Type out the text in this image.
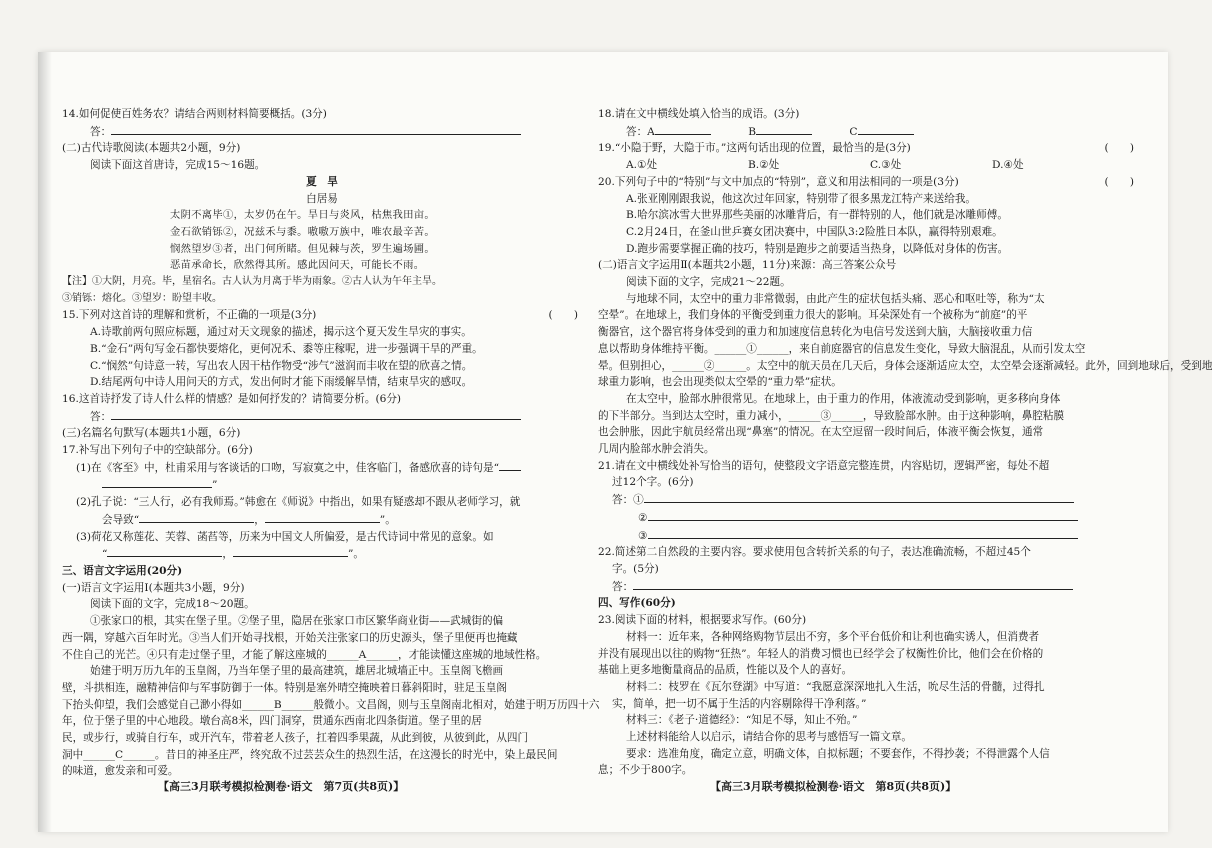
14.如何促使百姓务农？请结合两则材料简要概括。(3分)

答：

(二)古代诗歌阅读(本题共2小题，9分)

阅读下面这首唐诗，完成15～16题。

夏　旱

白居易

太阴不离毕①，太岁仍在午。旱日与炎风，枯焦我田亩。

金石欲销铄②，况兹禾与黍。嗷嗷万族中，唯农最辛苦。

悯然望岁③者，出门何所睹。但见棘与茨，罗生遍场圃。

恶苗承命长，欣然得其所。感此因问天，可能长不雨。

【注】①大阴，月亮。毕，星宿名。古人认为月离于毕为雨象。②古人认为午年主旱。

③销铄：熔化。③望岁：盼望丰收。

15.下列对这首诗的理解和赏析，不正确的一项是(3分)	(　　)

A.诗歌前两句照应标题，通过对天文现象的描述，揭示这个夏天发生旱灾的事实。

B.“金石”两句写金石都快要熔化，更何况禾、黍等庄稼呢，进一步强调干旱的严重。

C.“悯然”句诗意一转，写出农人因干枯作物受“涉气”滋润而丰收在望的欣喜之情。

D.结尾两句中诗人用问天的方式，发出何时才能下雨缓解旱情，结束旱灾的感叹。

16.这首诗抒发了诗人什么样的情感？是如何抒发的？请简要分析。(6分)

答：

(三)名篇名句默写(本题共1小题，6分)

17.补写出下列句子中的空缺部分。(6分)

(1)在《客至》中，杜甫采用与客谈话的口吻，写寂寞之中，佳客临门，备感欣喜的诗句是“

”

(2)孔子说：“三人行，必有我师焉。”韩愈在《师说》中指出，如果有疑惑却不跟从老师学习，就

会导致“	，	”。

(3)荷花又称莲花、芙蓉、菡萏等，历来为中国文人所偏爱，是古代诗词中常见的意象。如

“	，	”。

三、语言文字运用(20分)

(一)语言文字运用Ⅰ(本题共3小题，9分)

阅读下面的文字，完成18～20题。

①张家口的根，其实在堡子里。②堡子里，隐居在张家口市区繁华商业街——武城街的偏

西一隅，穿越六百年时光。③当人们开始寻找根，开始关注张家口的历史源头，堡子里便再也掩藏

不住自己的光芒。④只有走过堡子里，才能了解这座城的______A______，才能读懂这座城的地域性格。

始建于明万历九年的玉皇阁，乃当年堡子里的最高建筑，雄居北城墙正中。玉皇阁飞檐画

壁，斗拱相连，融精神信仰与军事防御于一体。特别是塞外晴空掩映着日暮斜阳时，驻足玉皇阁

下抬头仰望，我们会感觉自己渺小得如______B______般微小。文昌阁，则与玉皇阁南北相对，始建于明万历四十六

年，位于堡子里的中心地段。墩台高8米，四门洞穿，贯通东西南北四条街道。堡子里的居

民，或步行，或骑自行车，或开汽车，带着老人孩子，扛着四季果蔬，从此到彼，从彼到此，从四门

洞中______C______。昔日的神圣庄严，终究敌不过芸芸众生的热烈生活，在这漫长的时光中，染上最民间

的味道，愈发亲和可爱。

18.请在文中横线处填入恰当的成语。(3分)

答：A	B	C

19.“小隐于野，大隐于市。”这两句话出现的位置，最恰当的是(3分)	(　　)

A.①处	B.②处	C.③处	D.④处

20.下列句子中的“特别”与文中加点的“特别”，意义和用法相同的一项是(3分)	(　　)

A.张亚刚刚跟我说，他这次过年回家，特别带了很多黑龙江特产来送给我。

B.哈尔滨冰雪大世界那些美丽的冰雕背后，有一群特别的人，他们就是冰雕师傅。

C.2月24日，在釜山世乒赛女团决赛中，中国队3:2险胜日本队，赢得特别艰难。

D.跑步需要掌握正确的技巧，特别是跑步之前要适当热身，以降低对身体的伤害。

(二)语言文字运用Ⅱ(本题共2小题，11分)来源：高三答案公众号

阅读下面的文字，完成21～22题。

与地球不同，太空中的重力非常微弱，由此产生的症状包括头痛、恶心和呕吐等，称为“太

空晕”。在地球上，我们身体的平衡受到重力很大的影响。耳朵深处有一个被称为“前庭”的平

衡器官，这个器官将身体受到的重力和加速度信息转化为电信号发送到大脑，大脑接收重力信

息以帮助身体维持平衡。______①______，来自前庭器官的信息发生变化，导致大脑混乱，从而引发太空

晕。但别担心，______②______。太空中的航天员在几天后，身体会逐渐适应太空，太空晕会逐渐减轻。此外，回到地球后，受到地

球重力影响，也会出现类似太空晕的“重力晕”症状。

在太空中，脸部水肿很常见。在地球上，由于重力的作用，体液流动受到影响，更多移向身体

的下半部分。当到达太空时，重力减小，______③______，导致脸部水肿。由于这种影响，鼻腔粘膜

也会肿胀，因此宇航员经常出现“鼻塞”的情况。在太空逗留一段时间后，体液平衡会恢复，通常

几周内脸部水肿会消失。

21.请在文中横线处补写恰当的语句，使整段文字语意完整连贯，内容贴切，逻辑严密，每处不超

过12个字。(6分)

答：①

②

③

22.简述第二自然段的主要内容。要求使用包含转折关系的句子，表达准确流畅，不超过45个

字。(5分)

答：

四、写作(60分)

23.阅读下面的材料，根据要求写作。(60分)

材料一：近年来，各种网络购物节层出不穷，多个平台低价和让利也确实诱人，但消费者

并没有展现出以往的购物“狂热”。年轻人的消费习惯也已经学会了权衡性价比，他们会在价格的

基础上更多地衡量商品的品质，性能以及个人的喜好。

材料二：枝罗在《瓦尔登湖》中写道：“我愿意深深地扎入生活，吮尽生活的骨髓，过得扎

实，简单，把一切不属于生活的内容剔除得干净利落。”

材料三：《老子·道德经》：“知足不辱，知止不殆。”

上述材料能给人以启示，请结合你的思考与感悟写一篇文章。

要求：选准角度，确定立意，明确文体，自拟标题；不要套作，不得抄袭；不得泄露个人信

息；不少于800字。

【高三3月联考模拟检测卷·语文　第7页(共8页)】	【高三3月联考模拟检测卷·语文　第8页(共8页)】
